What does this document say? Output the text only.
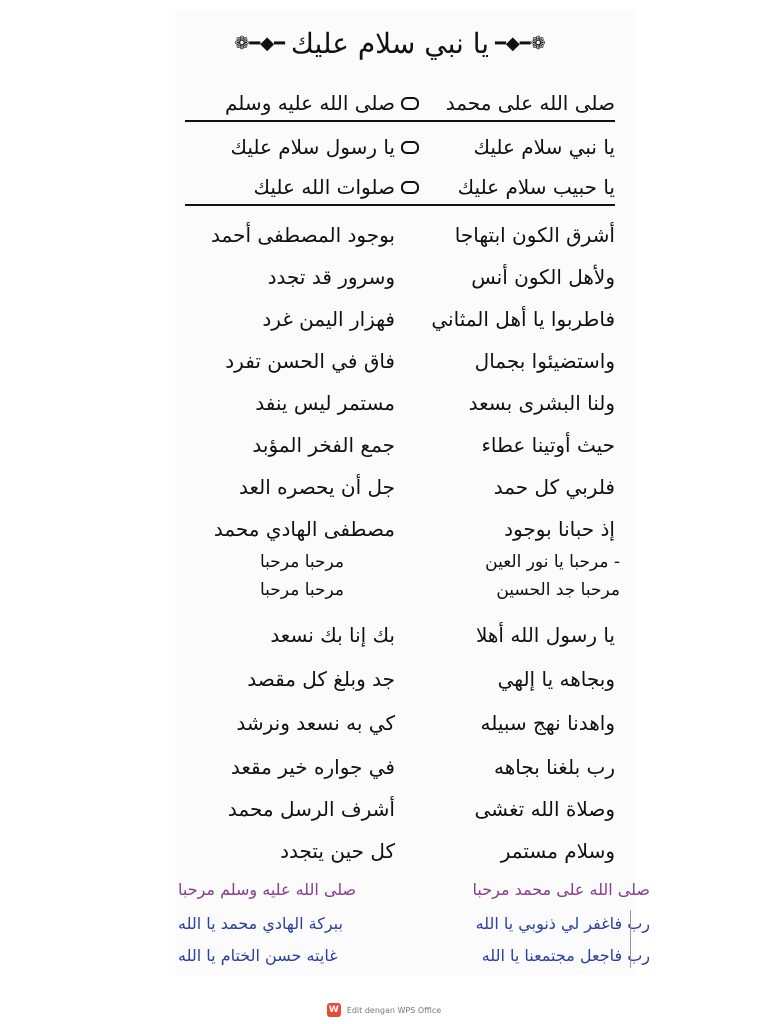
❁━◆━ يا نبي سلام عليك ━◆━❁
صلى الله على محمد
صلى الله عليه وسلم
يا نبي سلام عليك
يا رسول سلام عليك
يا حبيب سلام عليك
صلوات الله عليك
أشرق الكون ابتهاجا
بوجود المصطفى أحمد
ولأهل الكون أنس
وسرور قد تجدد
فاطربوا يا أهل المثاني
فهزار اليمن غرد
واستضيئوا بجمال
فاق في الحسن تفرد
ولنا البشرى بسعد
مستمر ليس ينفد
حيث أوتينا عطاء
جمع الفخر المؤبد
فلربي كل حمد
جل أن يحصره العد
إذ حبانا بوجود
مصطفى الهادي محمد
- مرحبا يا نور العين
مرحبا مرحبا
مرحبا جد الحسين
مرحبا مرحبا
يا رسول الله أهلا
بك إنا بك نسعد
وبجاهه يا إلهي
جد وبلغ كل مقصد
واهدنا نهج سبيله
كي به نسعد ونرشد
رب بلغنا بجاهه
في جواره خير مقعد
وصلاة الله تغشى
أشرف الرسل محمد
وسلام مستمر
كل حين يتجدد
صلى الله على محمد مرحبا
صلى الله عليه وسلم مرحبا
رب فاغفر لي ذنوبي يا الله
ببركة الهادي محمد يا الله
رب فاجعل مجتمعنا يا الله
غايته حسن الختام يا الله
W Edit dengan WPS Office
